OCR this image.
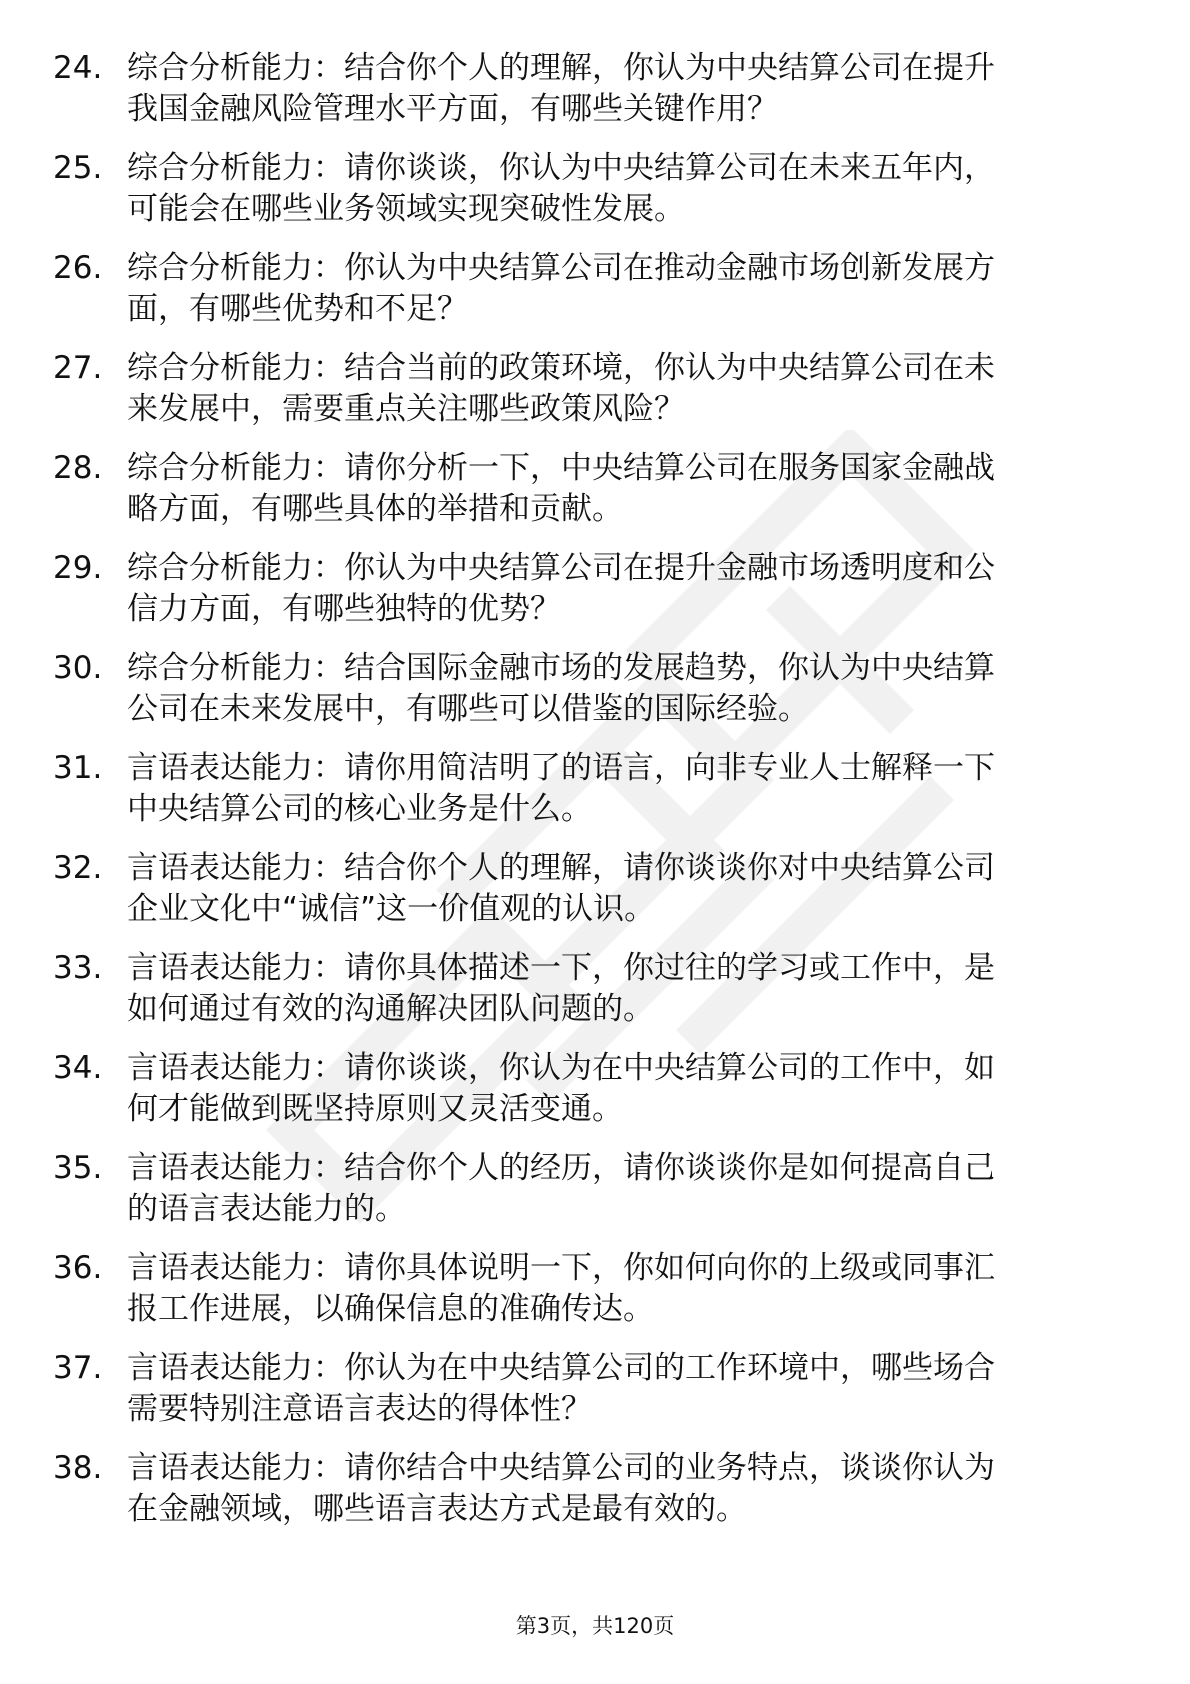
24. 综合分析能力：结合你个人的理解，你认为中央结算公司在提升
我国金融风险管理水平方面，有哪些关键作用？
25. 综合分析能力：请你谈谈，你认为中央结算公司在未来五年内，
可能会在哪些业务领域实现突破性发展。
26. 综合分析能力：你认为中央结算公司在推动金融市场创新发展方
面，有哪些优势和不足？
27. 综合分析能力：结合当前的政策环境，你认为中央结算公司在未
来发展中，需要重点关注哪些政策风险？
28. 综合分析能力：请你分析一下，中央结算公司在服务国家金融战
略方面，有哪些具体的举措和贡献。
29. 综合分析能力：你认为中央结算公司在提升金融市场透明度和公
信力方面，有哪些独特的优势？
30. 综合分析能力：结合国际金融市场的发展趋势，你认为中央结算
公司在未来发展中，有哪些可以借鉴的国际经验。
31. 言语表达能力：请你用简洁明了的语言，向非专业人士解释一下
中央结算公司的核心业务是什么。
32. 言语表达能力：结合你个人的理解，请你谈谈你对中央结算公司
企业文化中“诚信”这一价值观的认识。
33. 言语表达能力：请你具体描述一下，你过往的学习或工作中，是
如何通过有效的沟通解决团队问题的。
34. 言语表达能力：请你谈谈，你认为在中央结算公司的工作中，如
何才能做到既坚持原则又灵活变通。
35. 言语表达能力：结合你个人的经历，请你谈谈你是如何提高自己
的语言表达能力的。
36. 言语表达能力：请你具体说明一下，你如何向你的上级或同事汇
报工作进展，以确保信息的准确传达。
37. 言语表达能力：你认为在中央结算公司的工作环境中，哪些场合
需要特别注意语言表达的得体性？
38. 言语表达能力：请你结合中央结算公司的业务特点，谈谈你认为
在金融领域，哪些语言表达方式是最有效的。
第3页，共120页
